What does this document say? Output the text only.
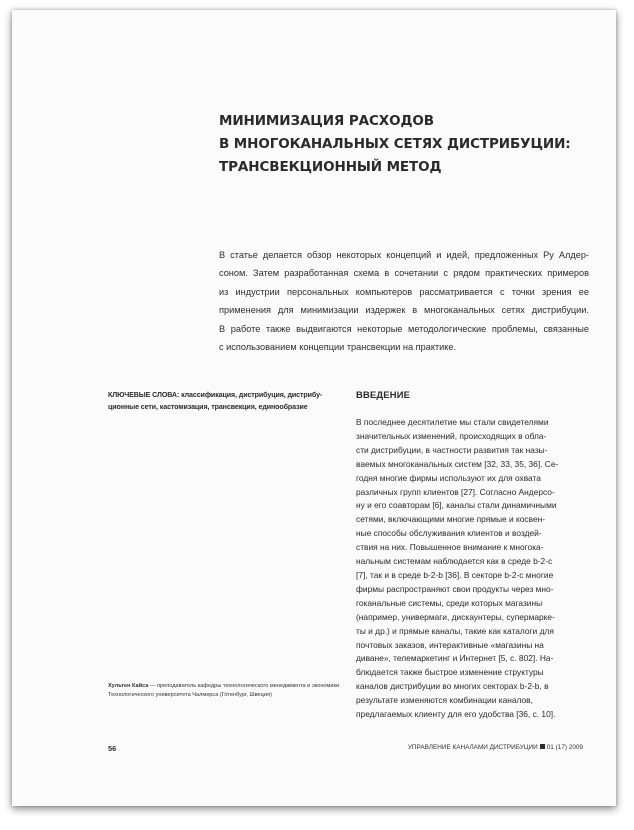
МИНИМИЗАЦИЯ РАСХОДОВ
В МНОГОКАНАЛЬНЫХ СЕТЯХ ДИСТРИБУЦИИ:
ТРАНСВЕКЦИОННЫЙ МЕТОД

В статье делается обзор некоторых концепций и идей, предложенных Ру Алдер-
соном. Затем разработанная схема в сочетании с рядом практических примеров
из индустрии персональных компьютеров рассматривается с точки зрения ее
применения для минимизации издержек в многоканальных сетях дистрибуции.
В работе также выдвигаются некоторые методологические проблемы, связанные
с использованием концепции трансвекции на практике.

КЛЮЧЕВЫЕ СЛОВА: классификация, дистрибуция, дистрибу-
ционные сети, кастомизация, трансвекция, единообразие

ВВЕДЕНИЕ

В последнее десятилетие мы стали свидетелями
значительных изменений, происходящих в обла-
сти дистрибуции, в частности развития так назы-
ваемых многоканальных систем [32, 33, 35, 36]. Се-
годня многие фирмы используют их для охвата
различных групп клиентов [27]. Согласно Андерсо-
ну и его соавторам [6], каналы стали динамичными
сетями, включающими многие прямые и косвен-
ные способы обслуживания клиентов и воздей-
ствия на них. Повышенное внимание к многока-
нальным системам наблюдается как в среде b-2-c
[7], так и в среде b-2-b [36]. В секторе b-2-c многие
фирмы распространяют свои продукты через мно-
гоканальные системы, среди которых магазины
(например, универмаги, дискаунтеры, супермарке-
ты и др.) и прямые каналы, такие как каталоги для
почтовых заказов, интерактивные «магазины на
диване», телемаркетинг и Интернет [5, с. 802]. На-
блюдается также быстрое изменение структуры
каналов дистрибуции во многих секторах b-2-b, в
результате изменяются комбинации каналов,
предлагаемых клиенту для его удобства [36, с. 10].

Хультен Кайса — преподаватель кафедры технологического менеджмента и экономики
Технологического университета Чалмерса (Готенбург, Швеция)

56	УПРАВЛЕНИЕ КАНАЛАМИ ДИСТРИБУЦИИ 01 (17) 2009
